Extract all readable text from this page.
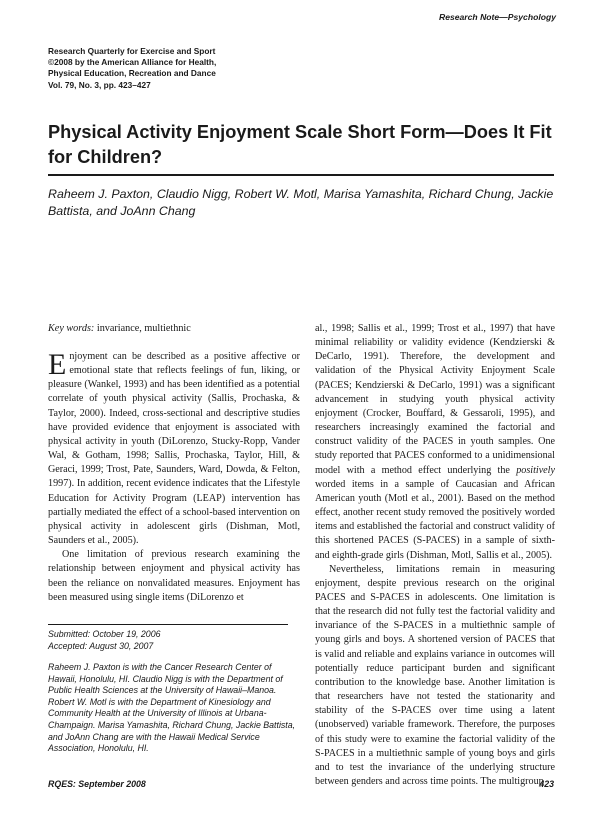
Research Note—Psychology
Research Quarterly for Exercise and Sport
©2008 by the American Alliance for Health,
Physical Education, Recreation and Dance
Vol. 79, No. 3, pp. 423–427
Physical Activity Enjoyment Scale Short Form—Does It Fit for Children?
Raheem J. Paxton, Claudio Nigg, Robert W. Motl, Marisa Yamashita, Richard Chung, Jackie Battista, and JoAnn Chang
Key words: invariance, multiethnic

Enjoyment can be described as a positive affective or emotional state that reflects feelings of fun, liking, or pleasure (Wankel, 1993) and has been identified as a potential correlate of youth physical activity (Sallis, Prochaska, & Taylor, 2000). Indeed, cross-sectional and descriptive studies have provided evidence that enjoyment is associated with physical activity in youth (DiLorenzo, Stucky-Ropp, Vander Wal, & Gotham, 1998; Sallis, Prochaska, Taylor, Hill, & Geraci, 1999; Trost, Pate, Saunders, Ward, Dowda, & Felton, 1997). In addition, recent evidence indicates that the Lifestyle Education for Activity Program (LEAP) intervention has partially mediated the effect of a school-based intervention on physical activity in adolescent girls (Dishman, Motl, Saunders et al., 2005).

One limitation of previous research examining the relationship between enjoyment and physical activity has been the reliance on nonvalidated measures. Enjoyment has been measured using single items (DiLorenzo et

al., 1998; Sallis et al., 1999; Trost et al., 1997) that have minimal reliability or validity evidence (Kendzierski & DeCarlo, 1991). Therefore, the development and validation of the Physical Activity Enjoyment Scale (PACES; Kendzierski & DeCarlo, 1991) was a significant advancement in studying youth physical activity enjoyment (Crocker, Bouffard, & Gessaroli, 1995), and researchers increasingly examined the factorial and construct validity of the PACES in youth samples. One study reported that PACES conformed to a unidimensional model with a method effect underlying the positively worded items in a sample of Caucasian and African American youth (Motl et al., 2001). Based on the method effect, another recent study removed the positively worded items and established the factorial and construct validity of this shortened PACES (S-PACES) in a sample of sixth- and eighth-grade girls (Dishman, Motl, Sallis et al., 2005).

Nevertheless, limitations remain in measuring enjoyment, despite previous research on the original PACES and S-PACES in adolescents. One limitation is that the research did not fully test the factorial validity and invariance of the S-PACES in a multiethnic sample of young girls and boys. A shortened version of PACES that is valid and reliable and explains variance in outcomes will potentially reduce participant burden and significant contribution to the knowledge base. Another limitation is that researchers have not tested the stationarity and stability of the S-PACES over time using a latent (unobserved) variable framework. Therefore, the purposes of this study were to examine the factorial validity of the S-PACES in a multiethnic sample of young boys and girls and to test the invariance of the underlying structure between genders and across time points. The multigroup

Submitted: October 19, 2006
Accepted: August 30, 2007
Raheem J. Paxton is with the Cancer Research Center of Hawaii, Honolulu, HI. Claudio Nigg is with the Department of Public Health Sciences at the University of Hawaii–Manoa. Robert W. Motl is with the Department of Kinesiology and Community Health at the University of Illinois at Urbana-Champaign. Marisa Yamashita, Richard Chung, Jackie Battista, and JoAnn Chang are with the Hawaii Medical Service Association, Honolulu, HI.
RQES: September 2008	423
